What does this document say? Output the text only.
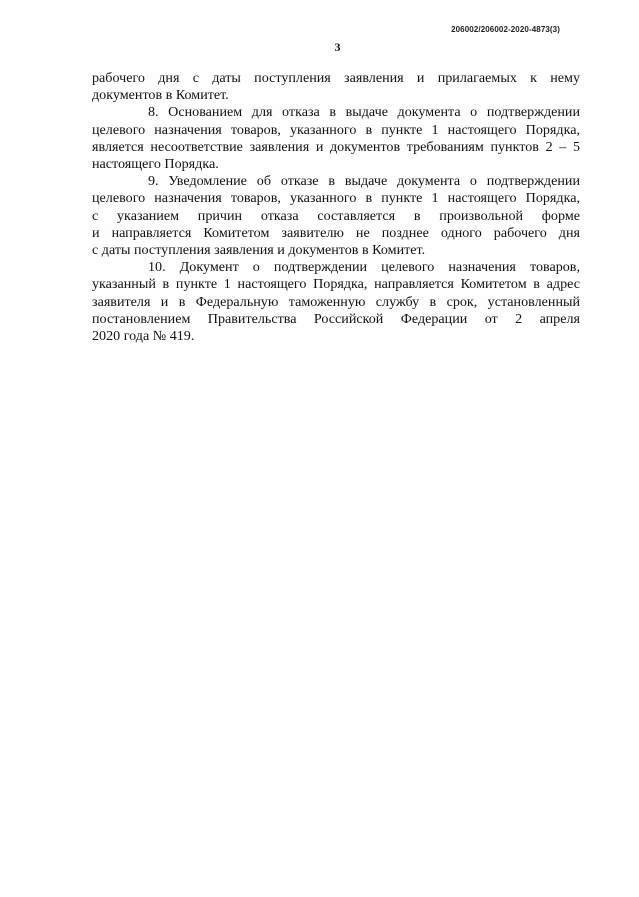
206002/206002-2020-4873(3)
3

рабочего дня с даты поступления заявления и прилагаемых к нему
документов в Комитет.

8. Основанием для отказа в выдаче документа о подтверждении
целевого назначения товаров, указанного в пункте 1 настоящего Порядка,
является несоответствие заявления и документов требованиям пунктов 2 – 5
настоящего Порядка.

9. Уведомление об отказе в выдаче документа о подтверждении
целевого назначения товаров, указанного в пункте 1 настоящего Порядка,
с указанием причин отказа составляется в произвольной форме
и направляется Комитетом заявителю не позднее одного рабочего дня
с даты поступления заявления и документов в Комитет.

10. Документ о подтверждении целевого назначения товаров,
указанный в пункте 1 настоящего Порядка, направляется Комитетом в адрес
заявителя и в Федеральную таможенную службу в срок, установленный
постановлением Правительства Российской Федерации от 2 апреля
2020 года № 419.
